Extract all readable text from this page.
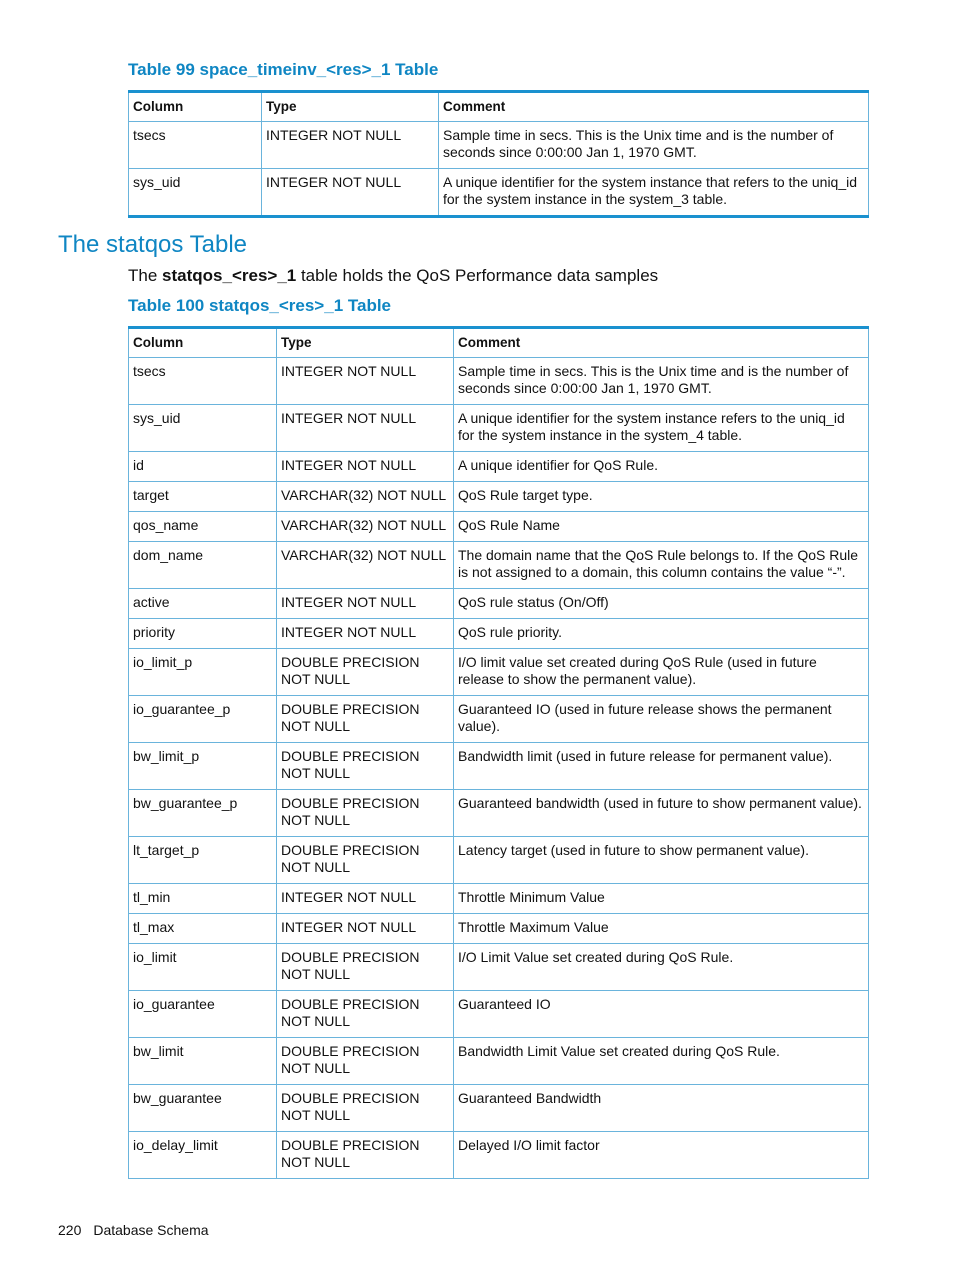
Table 99 space_timeinv_<res>_1 Table
Column	Type	Comment
tsecs	INTEGER NOT NULL	Sample time in secs. This is the Unix time and is the number of seconds since 0:00:00 Jan 1, 1970 GMT.
sys_uid	INTEGER NOT NULL	A unique identifier for the system instance that refers to the uniq_id for the system instance in the system_3 table.
The statqos Table
The statqos_<res>_1 table holds the QoS Performance data samples
Table 100 statqos_<res>_1 Table
Column	Type	Comment
tsecs	INTEGER NOT NULL	Sample time in secs. This is the Unix time and is the number of seconds since 0:00:00 Jan 1, 1970 GMT.
sys_uid	INTEGER NOT NULL	A unique identifier for the system instance refers to the uniq_id for the system instance in the system_4 table.
id	INTEGER NOT NULL	A unique identifier for QoS Rule.
target	VARCHAR(32) NOT NULL	QoS Rule target type.
qos_name	VARCHAR(32) NOT NULL	QoS Rule Name
dom_name	VARCHAR(32) NOT NULL	The domain name that the QoS Rule belongs to. If the QoS Rule is not assigned to a domain, this column contains the value “-”.
active	INTEGER NOT NULL	QoS rule status (On/Off)
priority	INTEGER NOT NULL	QoS rule priority.
io_limit_p	DOUBLE PRECISION NOT NULL	I/O limit value set created during QoS Rule (used in future release to show the permanent value).
io_guarantee_p	DOUBLE PRECISION NOT NULL	Guaranteed IO (used in future release shows the permanent value).
bw_limit_p	DOUBLE PRECISION NOT NULL	Bandwidth limit (used in future release for permanent value).
bw_guarantee_p	DOUBLE PRECISION NOT NULL	Guaranteed bandwidth (used in future to show permanent value).
lt_target_p	DOUBLE PRECISION NOT NULL	Latency target (used in future to show permanent value).
tl_min	INTEGER NOT NULL	Throttle Minimum Value
tl_max	INTEGER NOT NULL	Throttle Maximum Value
io_limit	DOUBLE PRECISION NOT NULL	I/O Limit Value set created during QoS Rule.
io_guarantee	DOUBLE PRECISION NOT NULL	Guaranteed IO
bw_limit	DOUBLE PRECISION NOT NULL	Bandwidth Limit Value set created during QoS Rule.
bw_guarantee	DOUBLE PRECISION NOT NULL	Guaranteed Bandwidth
io_delay_limit	DOUBLE PRECISION NOT NULL	Delayed I/O limit factor
220 Database Schema
